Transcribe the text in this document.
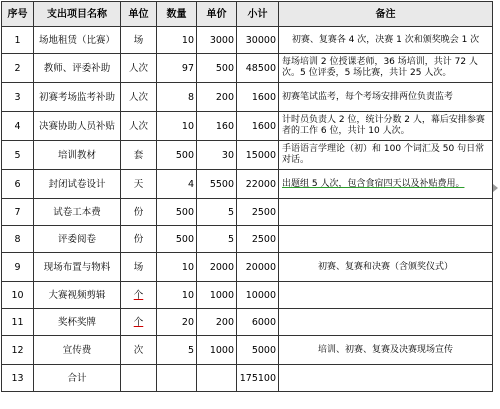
序号	支出项目名称	单位	数量	单价	小计	备注
1	场地租赁（比赛）	场	10	3000	30000	初赛、复赛各 4 次，决赛 1 次和颁奖晚会 1 次
2	教师、评委补助	人次	97	500	48500	每场培训 2 位授课老师，36 场培训，共计 72 人次。5 位评委，5 场比赛，共计 25 人次。
3	初赛考场监考补助	人次	8	200	1600	初赛笔试监考，每个考场安排两位负责监考
4	决赛协助人员补贴	人次	10	160	1600	计时员负责人 2 位，统计分数 2 人，幕后安排参赛者的工作 6 位，共计 10 人次。
5	培训教材	套	500	30	15000	手语语言学理论（初）和 100 个词汇及 50 句日常对话。
6	封闭试卷设计	天	4	5500	22000	出题组 5 人次，包含食宿四天以及补贴费用。
7	试卷工本费	份	500	5	2500	
8	评委阅卷	份	500	5	2500	
9	现场布置与物料	场	10	2000	20000	初赛、复赛和决赛（含颁奖仪式）
10	大赛视频剪辑	个	10	1000	10000	
11	奖杯奖牌	个	20	200	6000	
12	宣传费	次	5	1000	5000	培训、初赛、复赛及决赛现场宣传
13	合计				175100	
